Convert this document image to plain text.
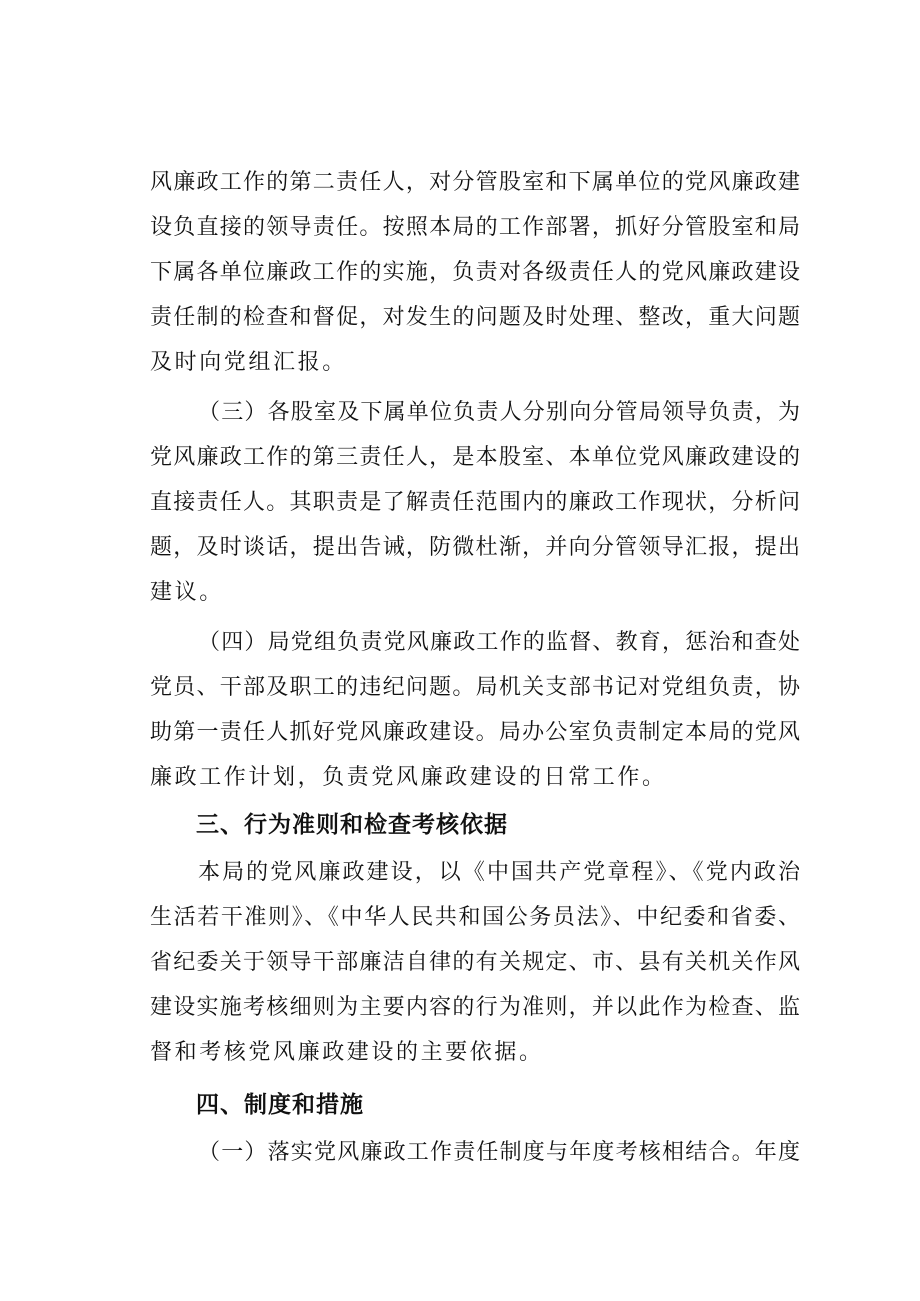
风廉政工作的第二责任人，对分管股室和下属单位的党风廉政建
设负直接的领导责任。按照本局的工作部署，抓好分管股室和局
下属各单位廉政工作的实施，负责对各级责任人的党风廉政建设
责任制的检查和督促，对发生的问题及时处理、整改，重大问题
及时向党组汇报。
（三）各股室及下属单位负责人分别向分管局领导负责，为
党风廉政工作的第三责任人，是本股室、本单位党风廉政建设的
直接责任人。其职责是了解责任范围内的廉政工作现状，分析问
题，及时谈话，提出告诫，防微杜渐，并向分管领导汇报，提出
建议。
（四）局党组负责党风廉政工作的监督、教育，惩治和查处
党员、干部及职工的违纪问题。局机关支部书记对党组负责，协
助第一责任人抓好党风廉政建设。局办公室负责制定本局的党风
廉政工作计划，负责党风廉政建设的日常工作。
三、行为准则和检查考核依据
本局的党风廉政建设，以《中国共产党章程》、《党内政治
生活若干准则》、《中华人民共和国公务员法》、中纪委和省委、
省纪委关于领导干部廉洁自律的有关规定、市、县有关机关作风
建设实施考核细则为主要内容的行为准则，并以此作为检查、监
督和考核党风廉政建设的主要依据。
四、制度和措施
（一）落实党风廉政工作责任制度与年度考核相结合。年度
